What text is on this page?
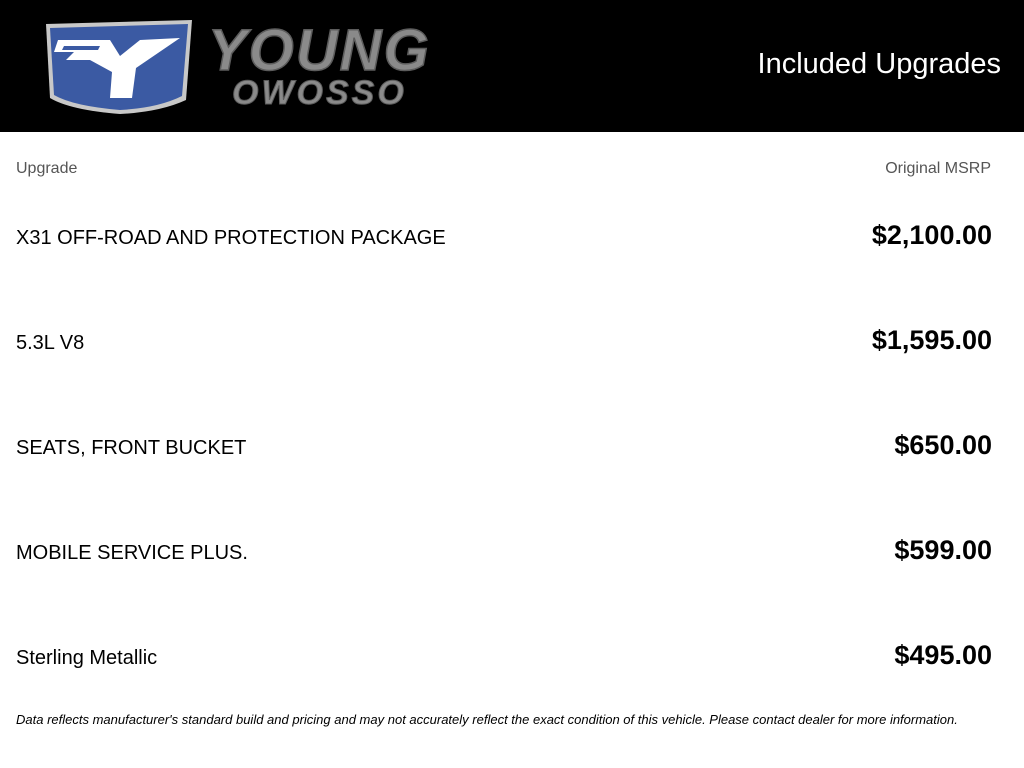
YOUNG
OWOSSO
Included Upgrades
Upgrade	Original MSRP
X31 OFF-ROAD AND PROTECTION PACKAGE	$2,100.00
5.3L V8	$1,595.00
SEATS, FRONT BUCKET	$650.00
MOBILE SERVICE PLUS.	$599.00
Sterling Metallic	$495.00
Data reflects manufacturer's standard build and pricing and may not accurately reflect the exact condition of this vehicle. Please contact dealer for more information.
